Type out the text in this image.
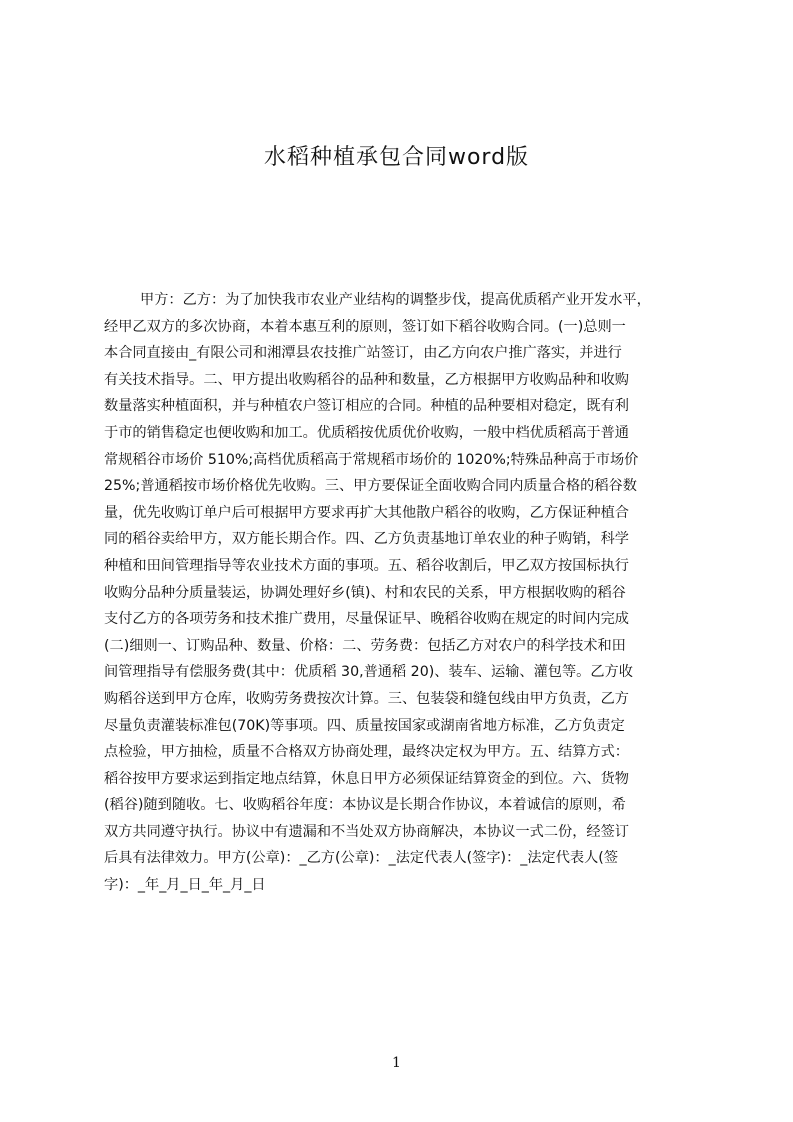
水稻种植承包合同word版
甲方：乙方：为了加快我市农业产业结构的调整步伐，提高优质稻产业开发水平，
经甲乙双方的多次协商，本着本惠互利的原则，签订如下稻谷收购合同。(一)总则一
本合同直接由_有限公司和湘潭县农技推广站签订，由乙方向农户推广落实，并进行
有关技术指导。二、甲方提出收购稻谷的品种和数量，乙方根据甲方收购品种和收购
数量落实种植面积，并与种植农户签订相应的合同。种植的品种要相对稳定，既有利
于市的销售稳定也便收购和加工。优质稻按优质优价收购，一般中档优质稻高于普通
常规稻谷市场价 510%;高档优质稻高于常规稻市场价的 1020%;特殊品种高于市场价
25%;普通稻按市场价格优先收购。三、甲方要保证全面收购合同内质量合格的稻谷数
量，优先收购订单户后可根据甲方要求再扩大其他散户稻谷的收购，乙方保证种植合
同的稻谷卖给甲方，双方能长期合作。四、乙方负责基地订单农业的种子购销，科学
种植和田间管理指导等农业技术方面的事项。五、稻谷收割后，甲乙双方按国标执行
收购分品种分质量装运，协调处理好乡(镇)、村和农民的关系，甲方根据收购的稻谷
支付乙方的各项劳务和技术推广费用，尽量保证早、晚稻谷收购在规定的时间内完成
(二)细则一、订购品种、数量、价格：二、劳务费：包括乙方对农户的科学技术和田
间管理指导有偿服务费(其中：优质稻 30,普通稻 20)、装车、运输、灌包等。乙方收
购稻谷送到甲方仓库，收购劳务费按次计算。三、包装袋和缝包线由甲方负责，乙方
尽量负责灌装标准包(70K)等事项。四、质量按国家或湖南省地方标准，乙方负责定
点检验，甲方抽检，质量不合格双方协商处理，最终决定权为甲方。五、结算方式：
稻谷按甲方要求运到指定地点结算，休息日甲方必须保证结算资金的到位。六、货物
(稻谷)随到随收。七、收购稻谷年度：本协议是长期合作协议，本着诚信的原则，希
双方共同遵守执行。协议中有遗漏和不当处双方协商解决，本协议一式二份，经签订
后具有法律效力。甲方(公章)：_乙方(公章)：_法定代表人(签字)：_法定代表人(签
字)：_年_月_日_年_月_日
1
